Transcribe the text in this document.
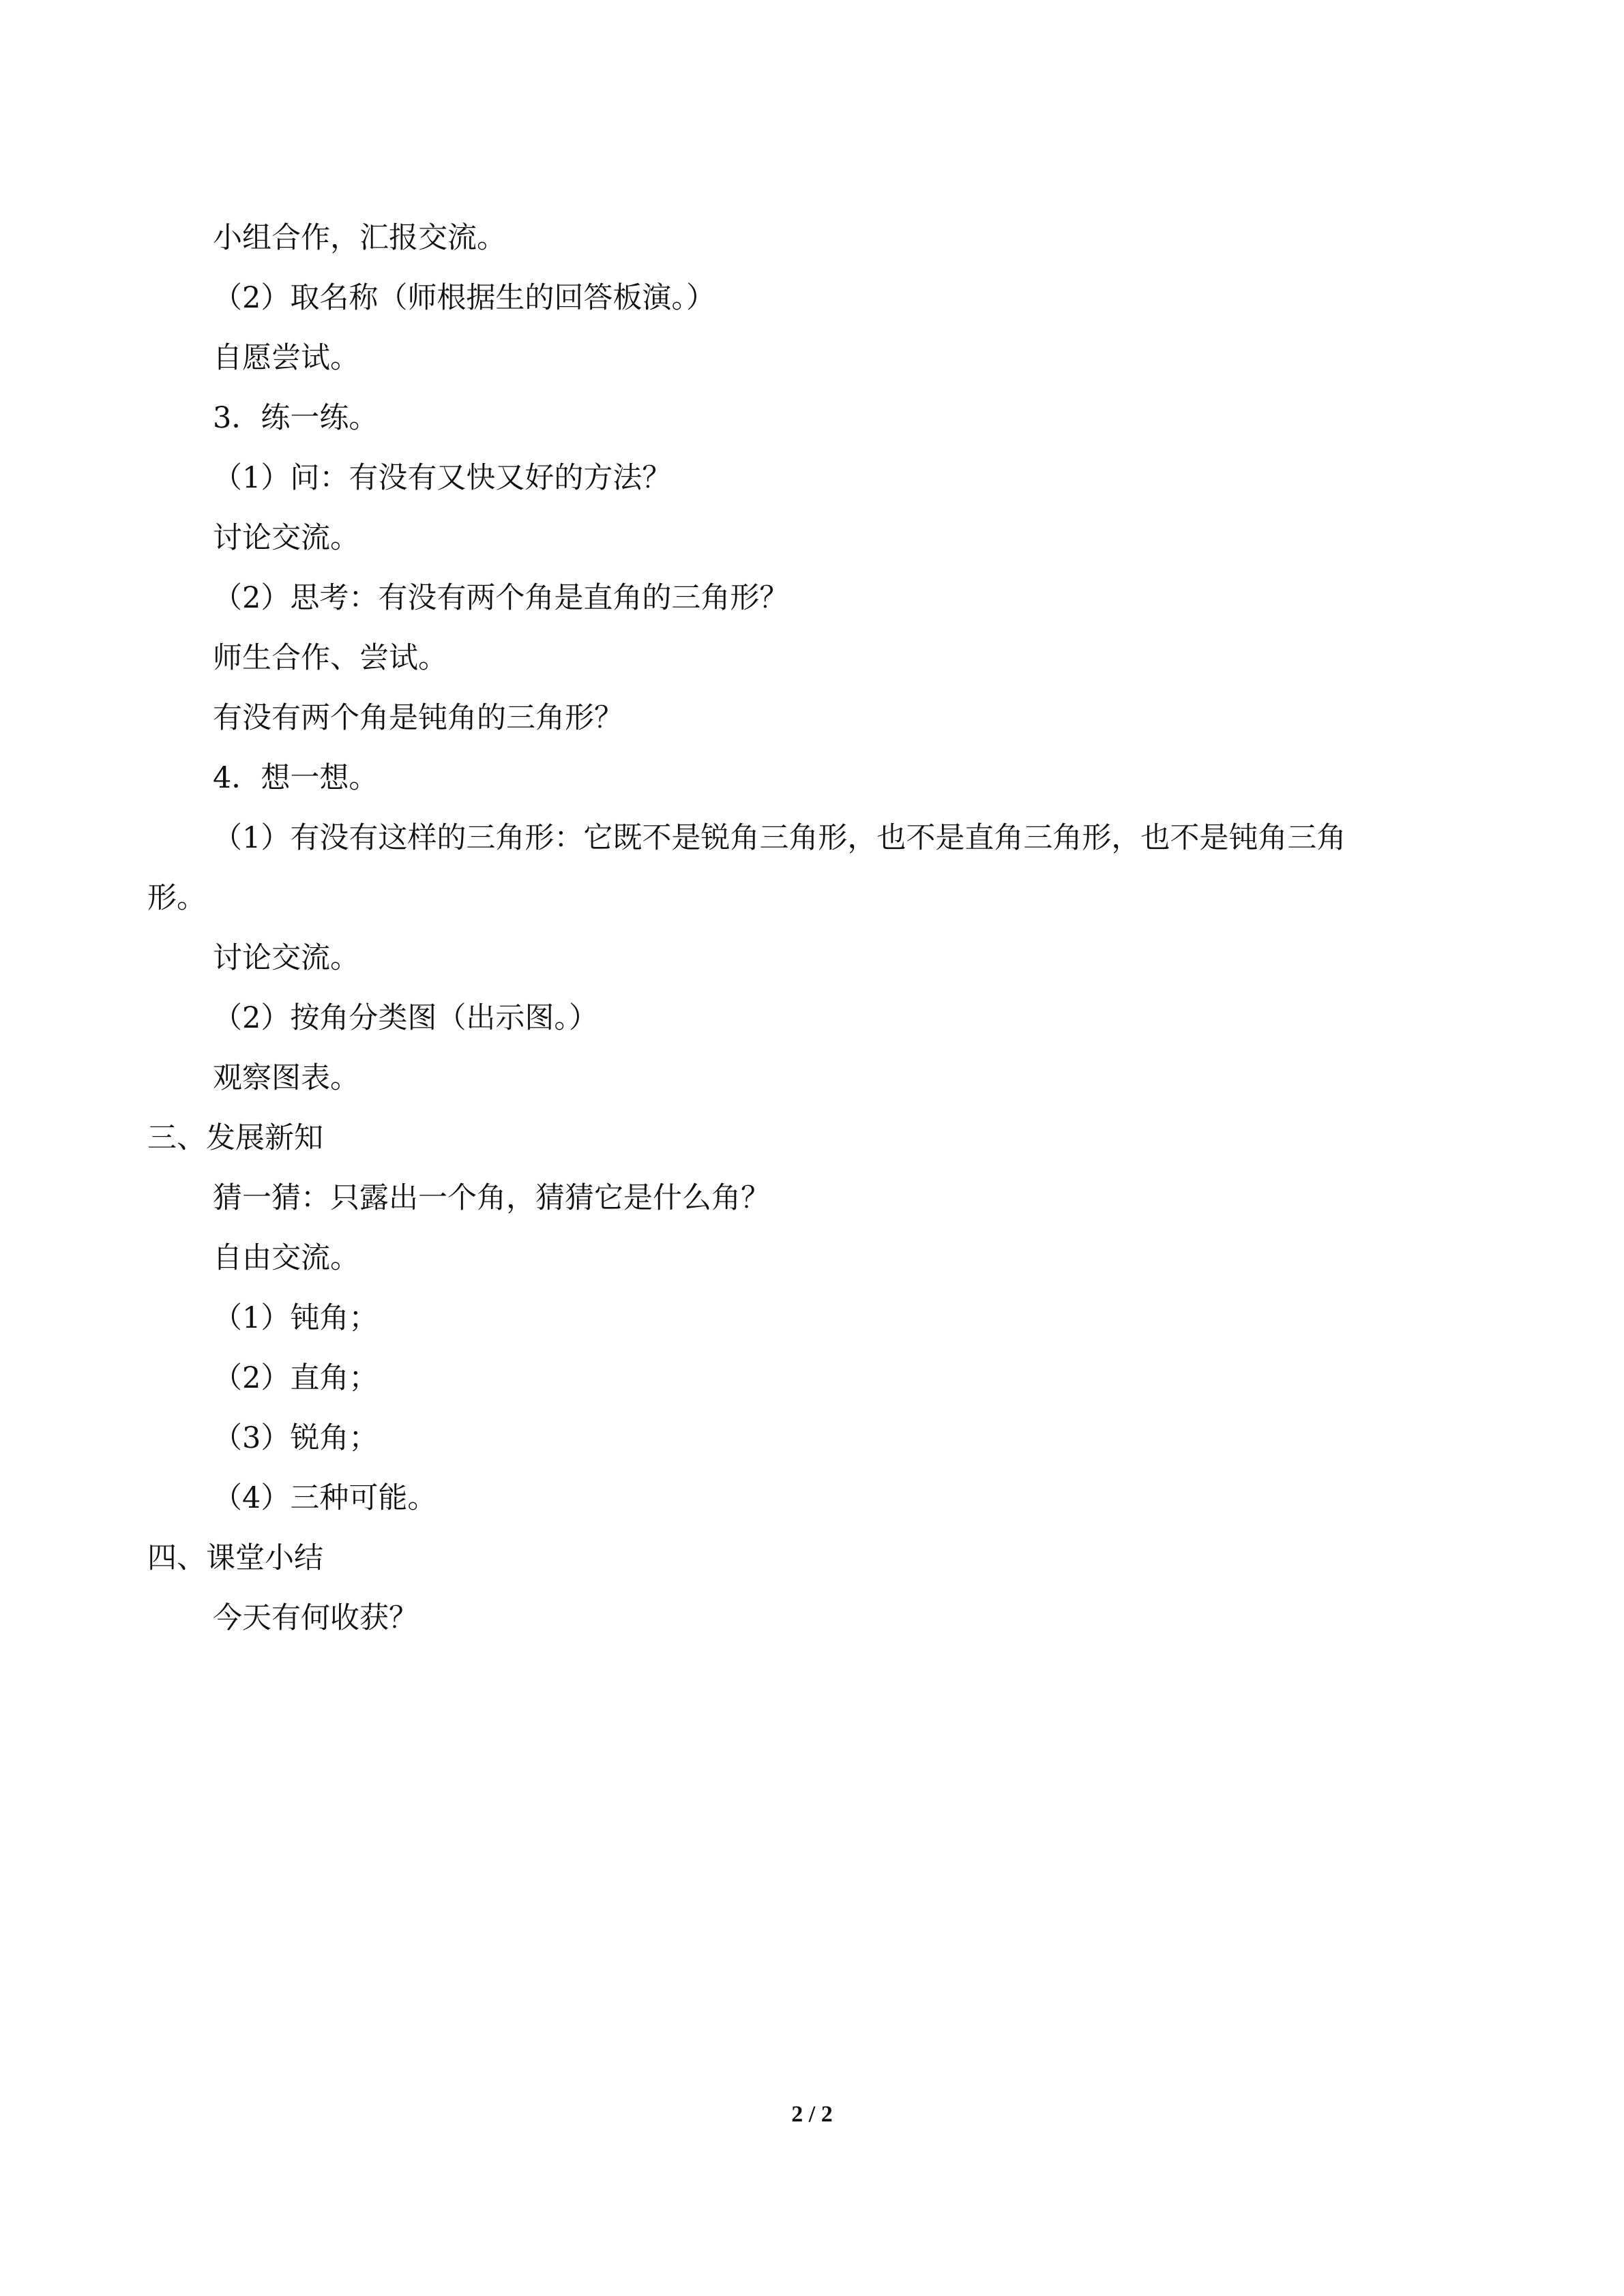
小组合作，汇报交流。

（2）取名称（师根据生的回答板演。）

自愿尝试。

3．练一练。

（1）问：有没有又快又好的方法？

讨论交流。

（2）思考：有没有两个角是直角的三角形？

师生合作、尝试。

有没有两个角是钝角的三角形？

4．想一想。

（1）有没有这样的三角形：它既不是锐角三角形，也不是直角三角形，也不是钝角三角

形。

讨论交流。

（2）按角分类图（出示图。）

观察图表。

三、发展新知

猜一猜：只露出一个角，猜猜它是什么角？

自由交流。

（1）钝角；

（2）直角；

（3）锐角；

（4）三种可能。

四、课堂小结

今天有何收获？

2 / 2
